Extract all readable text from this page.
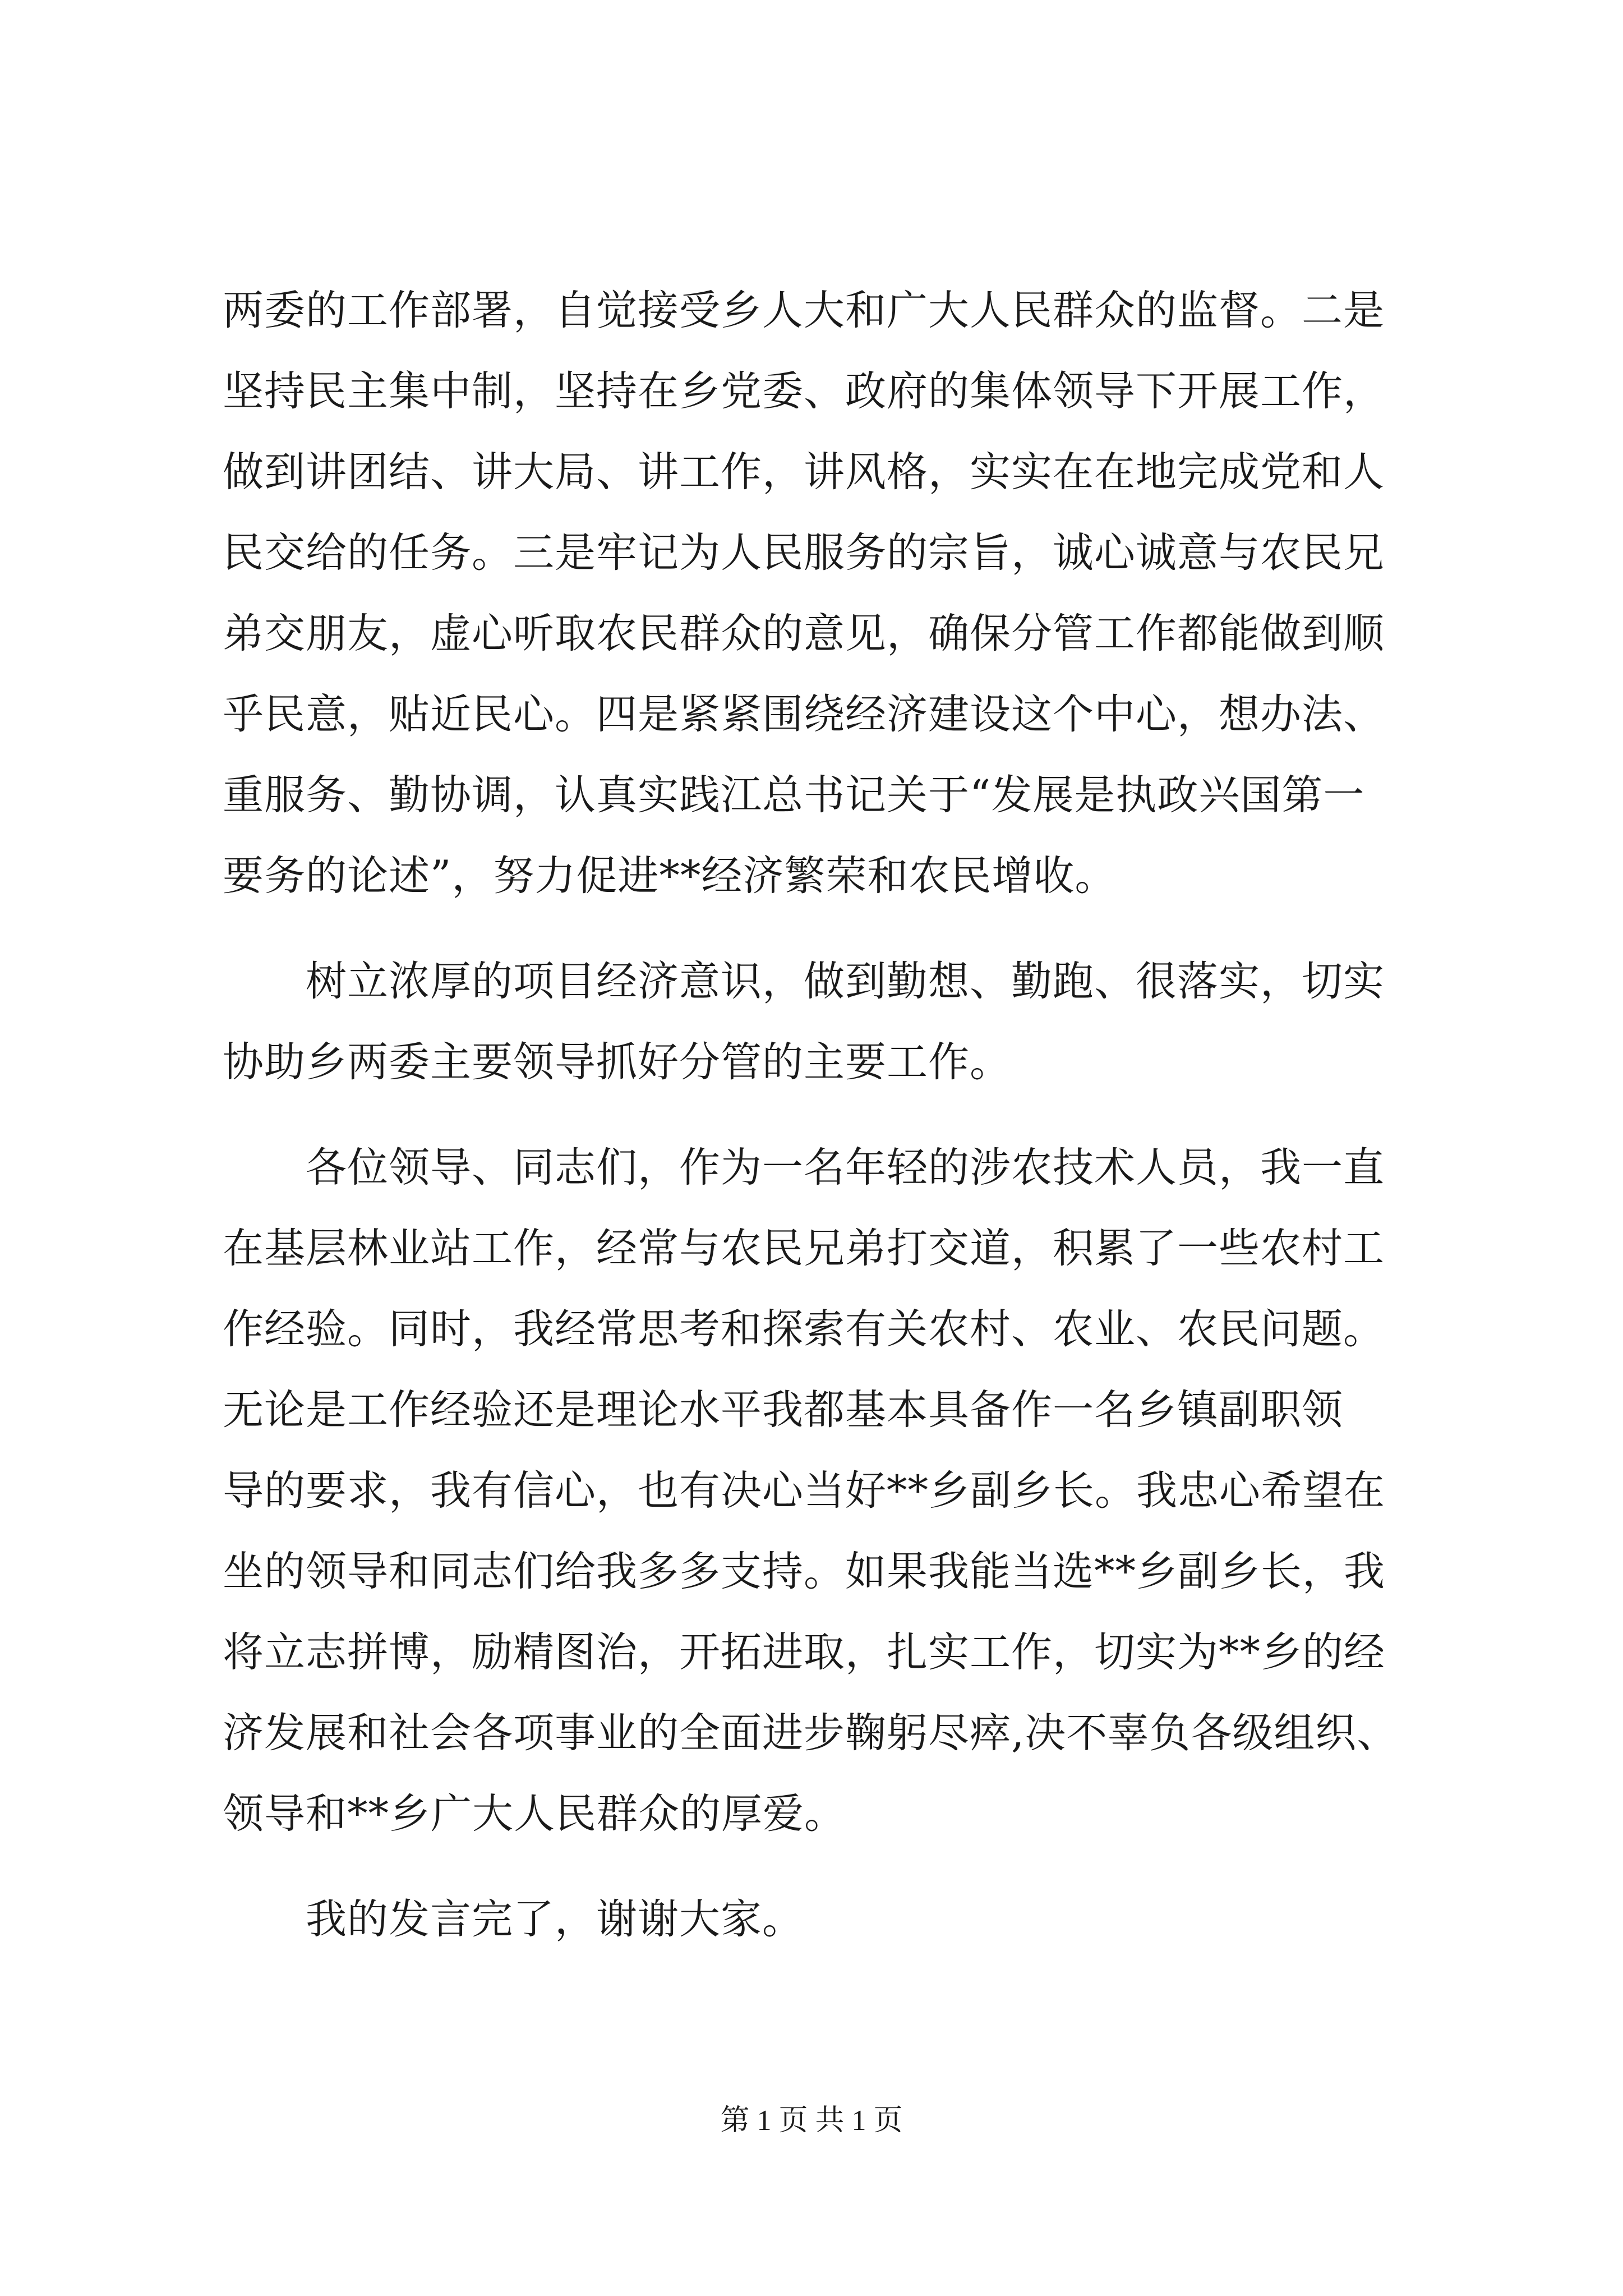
两委的工作部署，自觉接受乡人大和广大人民群众的监督。二是
坚持民主集中制，坚持在乡党委、政府的集体领导下开展工作，
做到讲团结、讲大局、讲工作，讲风格，实实在在地完成党和人
民交给的任务。三是牢记为人民服务的宗旨，诚心诚意与农民兄
弟交朋友，虚心听取农民群众的意见，确保分管工作都能做到顺
乎民意，贴近民心。四是紧紧围绕经济建设这个中心，想办法、
重服务、勤协调，认真实践江总书记关于“发展是执政兴国第一
要务的论述”，努力促进**经济繁荣和农民增收。
　　树立浓厚的项目经济意识，做到勤想、勤跑、很落实，切实
协助乡两委主要领导抓好分管的主要工作。
　　各位领导、同志们，作为一名年轻的涉农技术人员，我一直
在基层林业站工作，经常与农民兄弟打交道，积累了一些农村工
作经验。同时，我经常思考和探索有关农村、农业、农民问题。
无论是工作经验还是理论水平我都基本具备作一名乡镇副职领
导的要求，我有信心，也有决心当好**乡副乡长。我忠心希望在
坐的领导和同志们给我多多支持。如果我能当选**乡副乡长，我
将立志拼博，励精图治，开拓进取，扎实工作，切实为**乡的经
济发展和社会各项事业的全面进步鞠躬尽瘁,决不辜负各级组织、
领导和**乡广大人民群众的厚爱。
　　我的发言完了，谢谢大家。
第 1 页 共 1 页
